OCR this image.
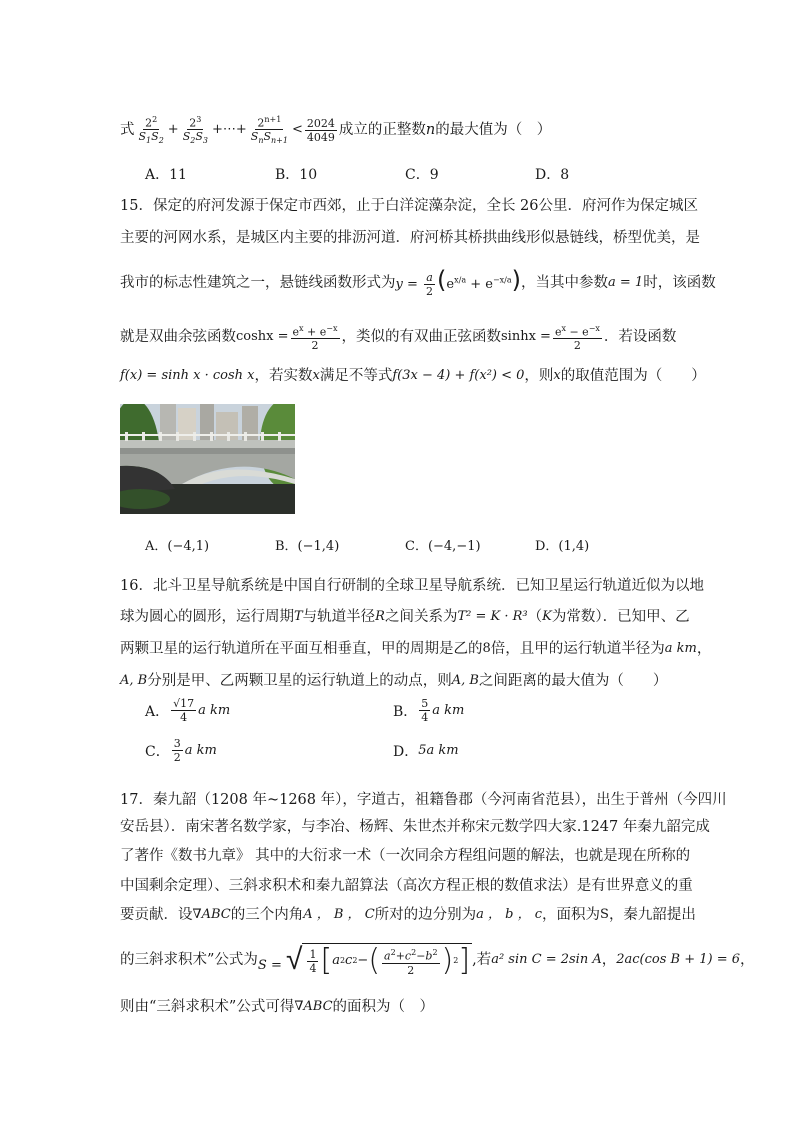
式 $\frac{2^2}{S_1S_2} + \frac{2^3}{S_2S_3}$ +⋯+ $\frac{2^{n+1}}{S_nS_{n+1}} < \frac{2024}{4049}$ 成立的正整数 n 的最大值为（　）
A．11	B．10	C．9	D．8
15．保定的府河发源于保定市西郊，止于白洋淀藻杂淀，全长 26公里．府河作为保定城区
主要的河网水系，是城区内主要的排沥河道．府河桥其桥拱曲线形似悬链线，桥型优美，是
我市的标志性建筑之一，悬链线函数形式为 $y = \frac{a}{2} (e^{x/a} + e^{-x/a})$ ，当其中参数 a = 1 时，该函数
就是双曲余弦函数 $\cosh x = \frac{e^x + e^{-x}}{2}$ ，类似的有双曲正弦函数 $\sinh x = \frac{e^x - e^{-x}}{2}$ ．若设函数
f(x) = sinh x · cosh x ，若实数 x 满足不等式 f(3x − 4) + f(x²) < 0 ，则 x 的取值范围为（　　）
A．(−4,1)	B．(−1,4)	C．(−4,−1)	D．(1,4)
16．北斗卫星导航系统是中国自行研制的全球卫星导航系统．已知卫星运行轨道近似为以地
球为圆心的圆形，运行周期 T 与轨道半径 R 之间关系为 T² = K · R³ （ K 为常数）．已知甲、乙
两颗卫星的运行轨道所在平面互相垂直，甲的周期是乙的 8 倍，且甲的运行轨道半径为 a km ，
A, B 分别是甲、乙两颗卫星的运行轨道上的动点，则 A, B 之间距离的最大值为（　　）
A． $\frac{√17}{4}$ a km	B． $\frac{5}{4}$ a km
C． $\frac{3}{2}$ a km	D． 5a km
17．秦九韶（1208 年~1268 年），字道古，祖籍鲁郡（今河南省范县），出生于普州（今四川
安岳县）．南宋著名数学家，与李冶、杨辉、朱世杰并称宋元数学四大家.1247 年秦九韶完成
了著作《数书九章》 其中的大衍求一术（一次同余方程组问题的解法，也就是现在所称的
中国剩余定理）、三斜求积术和秦九韶算法（高次方程正根的数值求法）是有世界意义的重
要贡献．设 ∇ABC 的三个内角 A ， B ， C 所对的边分别为 a ， b ， c ，面积为 S ，秦九韶提出
的三斜求积术”公式为 S = √ $\frac{1}{4}$ [ a 2 c 2 − ( $\frac{a^2+c^2-b^2}{2}$ ) 2 ] ,若 a² sin C = 2sin A ， 2ac(cos B + 1) = 6 ，
则由“三斜求积术”公式可得 ∇ABC 的面积为（　）
